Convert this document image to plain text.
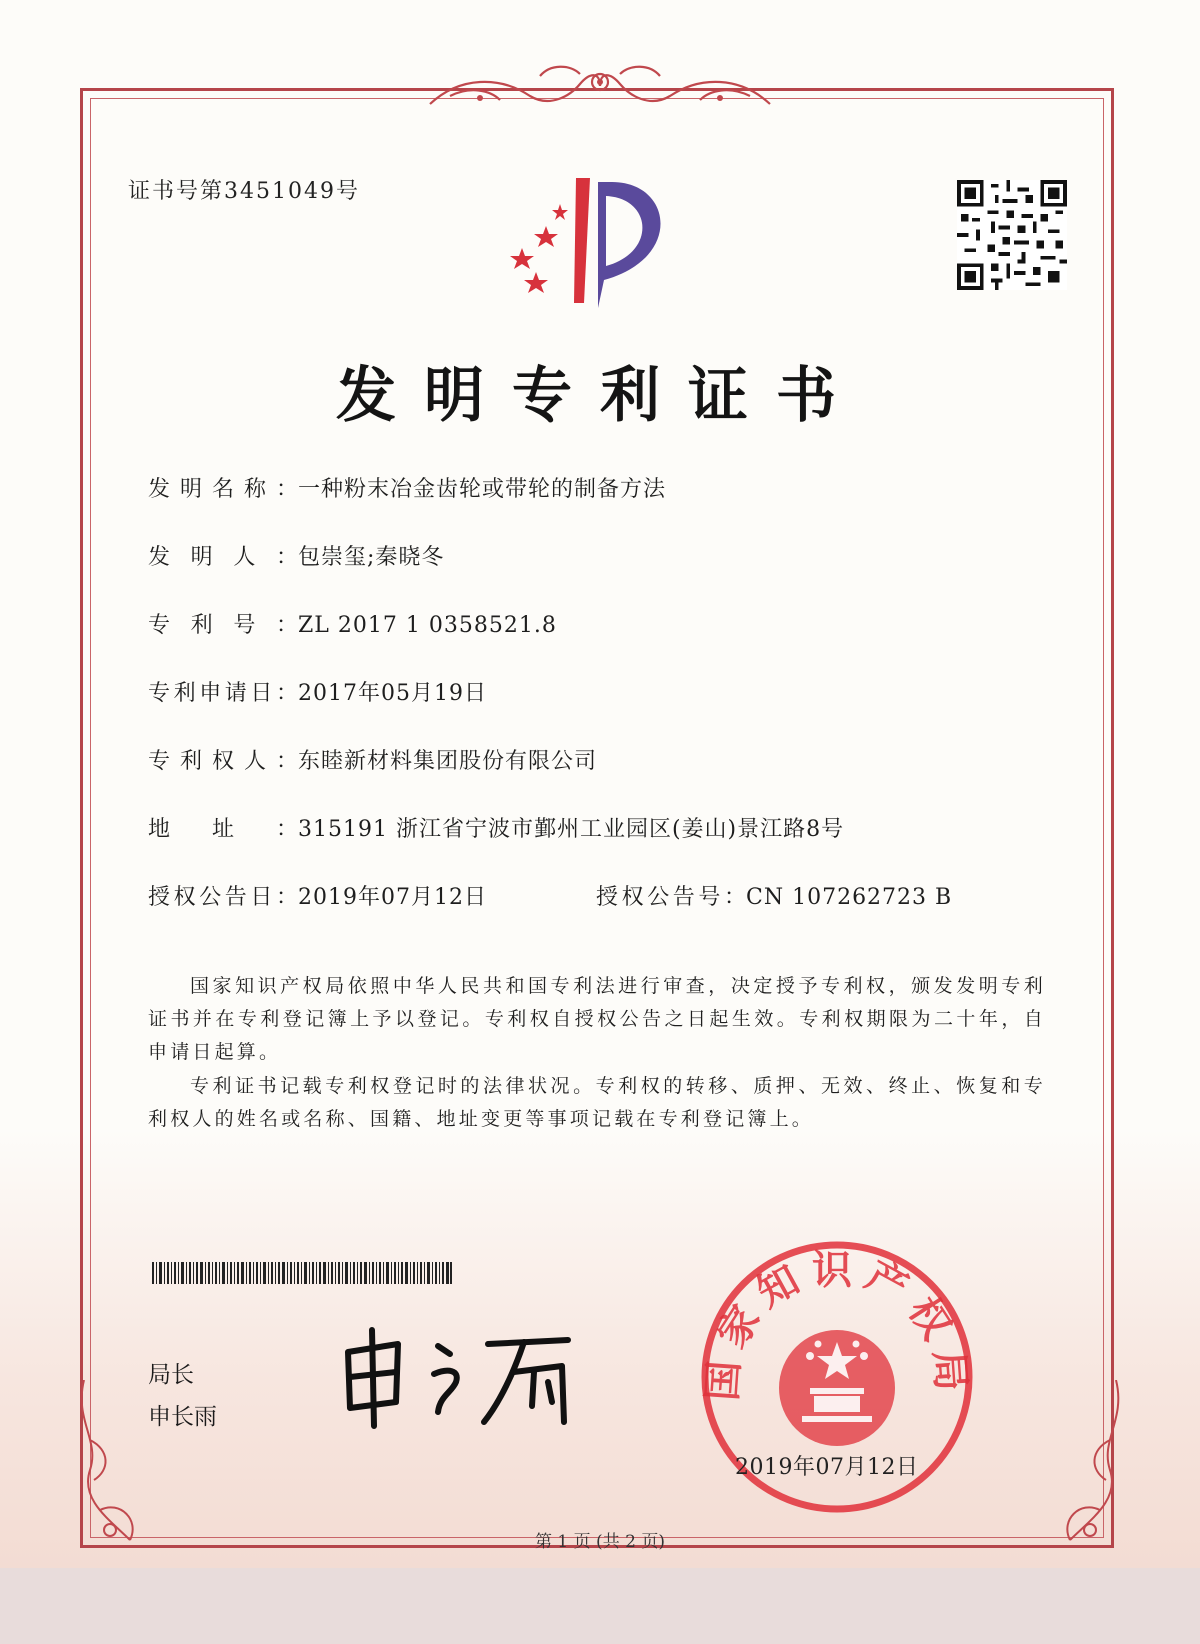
证书号第3451049号
发明专利证书
发明名称：一种粉末冶金齿轮或带轮的制备方法
发明人：包崇玺;秦晓冬
专利号：ZL 2017 1 0358521.8
专利申请日：2017年05月19日
专利权人：东睦新材料集团股份有限公司
地址：315191 浙江省宁波市鄞州工业园区(姜山)景江路8号
授权公告日：2019年07月12日	授权公告号：CN 107262723 B
国家知识产权局依照中华人民共和国专利法进行审查，决定授予专利权，颁发发明专利证书并在专利登记簿上予以登记。专利权自授权公告之日起生效。专利权期限为二十年，自申请日起算。
专利证书记载专利权登记时的法律状况。专利权的转移、质押、无效、终止、恢复和专利权人的姓名或名称、国籍、地址变更等事项记载在专利登记簿上。
局长
申长雨
国家知识产权局
2019年07月12日
第 1 页 (共 2 页)
